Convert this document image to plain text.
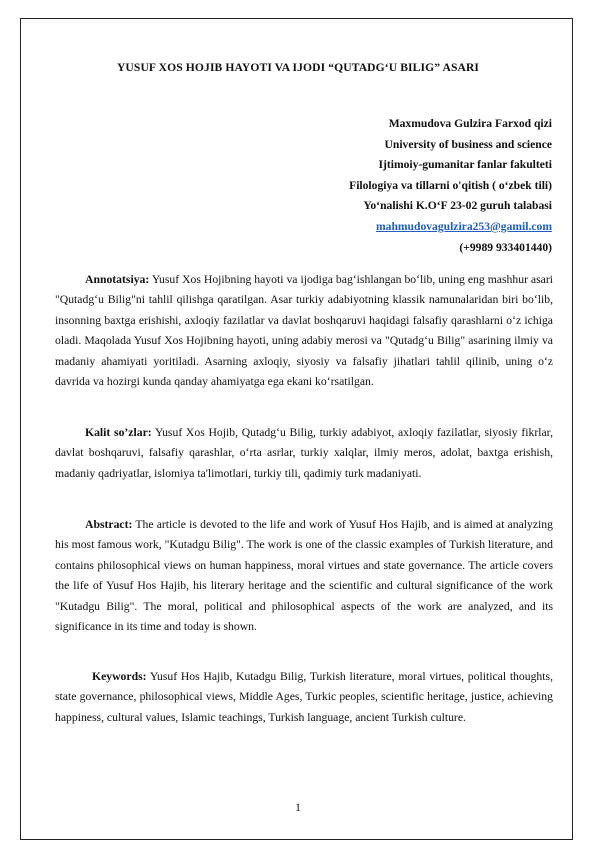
YUSUF XOS HOJIB HAYOTI VA IJODI “QUTADG‘U BILIG” ASARI
Maxmudova Gulzira Farxod qizi
University of business and science
Ijtimoiy-gumanitar fanlar fakulteti
Filologiya va tillarni o'qitish ( o‘zbek tili)
Yo‘nalishi K.O‘F 23-02 guruh talabasi
mahmudovagulzira253@gamil.com
(+9989 933401440)

Annotatsiya: Yusuf Xos Hojibning hayoti va ijodiga bag‘ishlangan bo‘lib, uning eng mashhur asari "Qutadg‘u Bilig"ni tahlil qilishga qaratilgan. Asar turkiy adabiyotning klassik namunalaridan biri bo‘lib, insonning baxtga erishishi, axloqiy fazilatlar va davlat boshqaruvi haqidagi falsafiy qarashlarni o‘z ichiga oladi. Maqolada Yusuf Xos Hojibning hayoti, uning adabiy merosi va "Qutadg‘u Bilig" asarining ilmiy va madaniy ahamiyati yoritiladi. Asarning axloqiy, siyosiy va falsafiy jihatlari tahlil qilinib, uning o‘z davrida va hozirgi kunda qanday ahamiyatga ega ekani ko‘rsatilgan.

Kalit so’zlar: Yusuf Xos Hojib, Qutadg‘u Bilig, turkiy adabiyot, axloqiy fazilatlar, siyosiy fikrlar, davlat boshqaruvi, falsafiy qarashlar, o‘rta asrlar, turkiy xalqlar, ilmiy meros, adolat, baxtga erishish, madaniy qadriyatlar, islomiya ta'limotlari, turkiy tili, qadimiy turk madaniyati.

Abstract: The article is devoted to the life and work of Yusuf Hos Hajib, and is aimed at analyzing his most famous work, "Kutadgu Bilig". The work is one of the classic examples of Turkish literature, and contains philosophical views on human happiness, moral virtues and state governance. The article covers the life of Yusuf Hos Hajib, his literary heritage and the scientific and cultural significance of the work "Kutadgu Bilig". The moral, political and philosophical aspects of the work are analyzed, and its significance in its time and today is shown.

Keywords: Yusuf Hos Hajib, Kutadgu Bilig, Turkish literature, moral virtues, political thoughts, state governance, philosophical views, Middle Ages, Turkic peoples, scientific heritage, justice, achieving happiness, cultural values, Islamic teachings, Turkish language, ancient Turkish culture.

1
